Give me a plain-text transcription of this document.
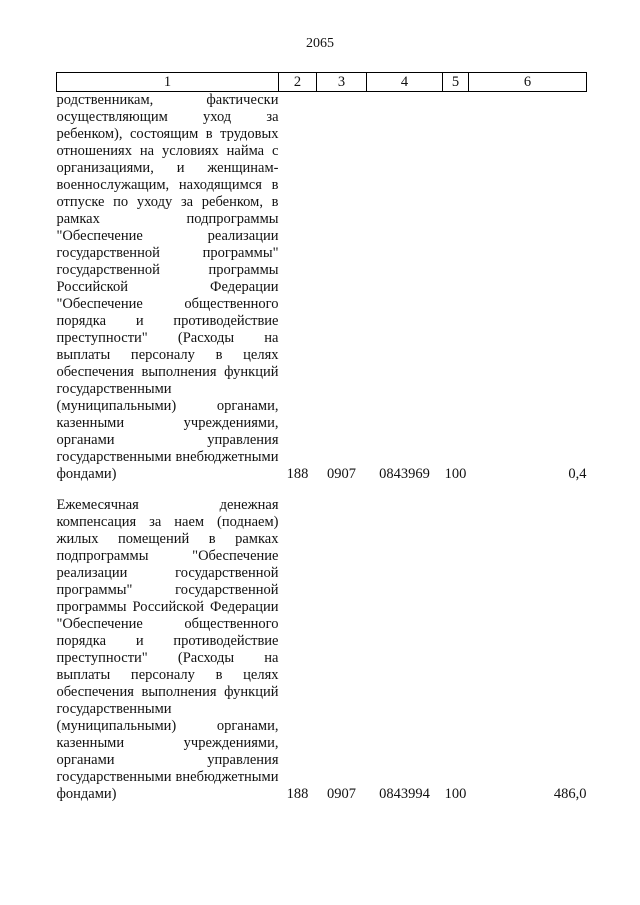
2065
1	2	3	4	5	6
родственникам, фактически осуществляющим уход за ребенком), состоящим в трудовых отношениях на условиях найма с организациями, и женщинам-военнослужащим, находящимся в отпуске по уходу за ребенком, в рамках подпрограммы "Обеспечение реализации государственной программы" государственной программы Российской Федерации "Обеспечение общественного порядка и противодействие преступности" (Расходы на выплаты персоналу в целях обеспечения выполнения функций государственными (муниципальными) органами, казенными учреждениями, органами управления государственными внебюджетными фондами)	188	0907	0843969	100	0,4

Ежемесячная денежная компенсация за наем (поднаем) жилых помещений в рамках подпрограммы "Обеспечение реализации государственной программы" государственной программы Российской Федерации "Обеспечение общественного порядка и противодействие преступности" (Расходы на выплаты персоналу в целях обеспечения выполнения функций государственными (муниципальными) органами, казенными учреждениями, органами управления государственными внебюджетными фондами)	188	0907	0843994	100	486,0
